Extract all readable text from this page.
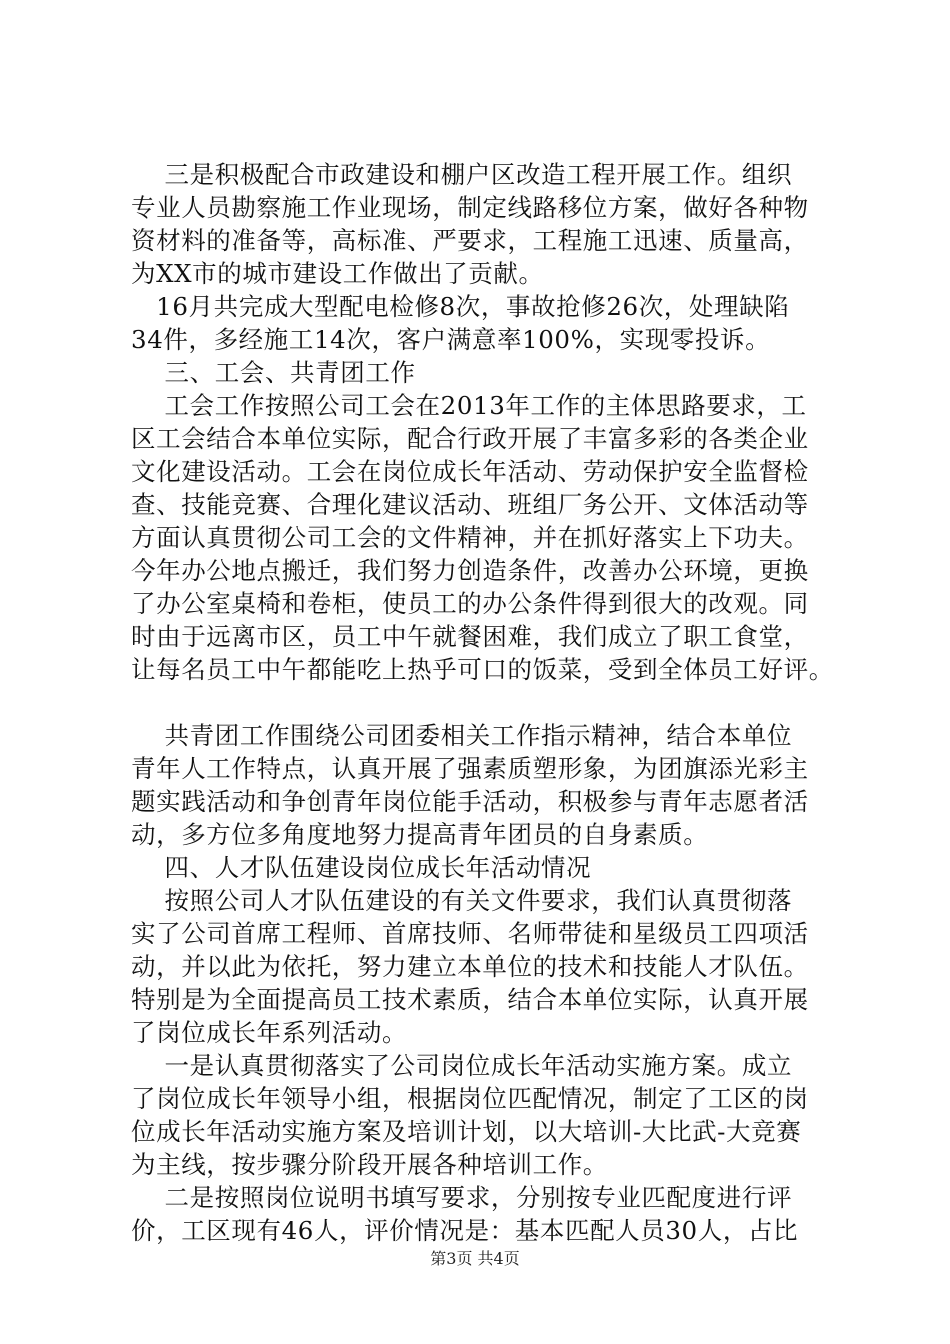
三是积极配合市政建设和棚户区改造工程开展工作。组织
专业人员勘察施工作业现场，制定线路移位方案，做好各种物
资材料的准备等，高标准、严要求，工程施工迅速、质量高，
为XX市的城市建设工作做出了贡献。
16月共完成大型配电检修8次，事故抢修26次，处理缺陷
34件，多经施工14次，客户满意率100%，实现零投诉。
三、工会、共青团工作
工会工作按照公司工会在2013年工作的主体思路要求，工
区工会结合本单位实际，配合行政开展了丰富多彩的各类企业
文化建设活动。工会在岗位成长年活动、劳动保护安全监督检
查、技能竞赛、合理化建议活动、班组厂务公开、文体活动等
方面认真贯彻公司工会的文件精神，并在抓好落实上下功夫。
今年办公地点搬迁，我们努力创造条件，改善办公环境，更换
了办公室桌椅和卷柜，使员工的办公条件得到很大的改观。同
时由于远离市区，员工中午就餐困难，我们成立了职工食堂，
让每名员工中午都能吃上热乎可口的饭菜，受到全体员工好评。
共青团工作围绕公司团委相关工作指示精神，结合本单位
青年人工作特点，认真开展了强素质塑形象，为团旗添光彩主
题实践活动和争创青年岗位能手活动，积极参与青年志愿者活
动，多方位多角度地努力提高青年团员的自身素质。
四、人才队伍建设岗位成长年活动情况
按照公司人才队伍建设的有关文件要求，我们认真贯彻落
实了公司首席工程师、首席技师、名师带徒和星级员工四项活
动，并以此为依托，努力建立本单位的技术和技能人才队伍。
特别是为全面提高员工技术素质，结合本单位实际，认真开展
了岗位成长年系列活动。
一是认真贯彻落实了公司岗位成长年活动实施方案。成立
了岗位成长年领导小组，根据岗位匹配情况，制定了工区的岗
位成长年活动实施方案及培训计划，以大培训-大比武-大竞赛
为主线，按步骤分阶段开展各种培训工作。
二是按照岗位说明书填写要求，分别按专业匹配度进行评
价，工区现有46人，评价情况是：基本匹配人员30人，占比
第3页 共4页
